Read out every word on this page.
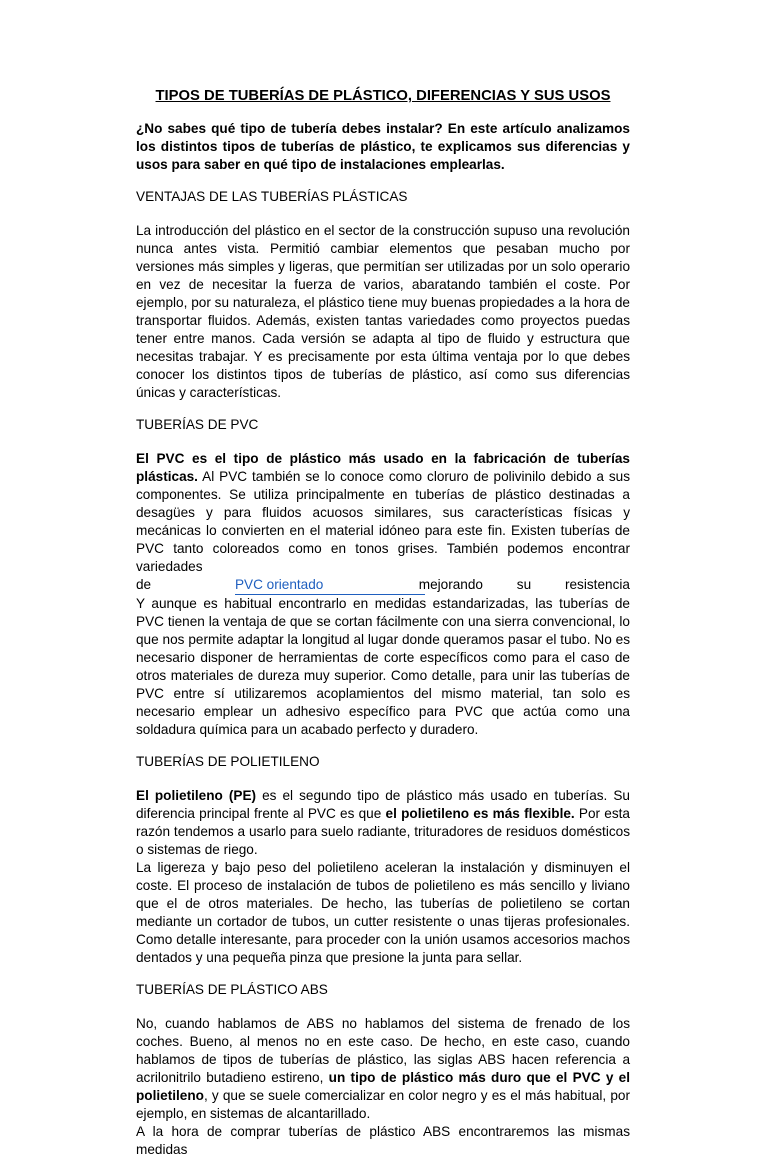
TIPOS DE TUBERÍAS DE PLÁSTICO, DIFERENCIAS Y SUS USOS
¿No sabes qué tipo de tubería debes instalar? En este artículo analizamos los distintos tipos de tuberías de plástico, te explicamos sus diferencias y usos para saber en qué tipo de instalaciones emplearlas.
VENTAJAS DE LAS TUBERÍAS PLÁSTICAS
La introducción del plástico en el sector de la construcción supuso una revolución nunca antes vista. Permitió cambiar elementos que pesaban mucho por versiones más simples y ligeras, que permitían ser utilizadas por un solo operario en vez de necesitar la fuerza de varios, abaratando también el coste. Por ejemplo, por su naturaleza, el plástico tiene muy buenas propiedades a la hora de transportar fluidos. Además, existen tantas variedades como proyectos puedas tener entre manos. Cada versión se adapta al tipo de fluido y estructura que necesitas trabajar. Y es precisamente por esta última ventaja por lo que debes conocer los distintos tipos de tuberías de plástico, así como sus diferencias únicas y características.
TUBERÍAS DE PVC
El PVC es el tipo de plástico más usado en la fabricación de tuberías plásticas. Al PVC también se lo conoce como cloruro de polivinilo debido a sus componentes. Se utiliza principalmente en tuberías de plástico destinadas a desagües y para fluidos acuosos similares, sus características físicas y mecánicas lo convierten en el material idóneo para este fin. Existen tuberías de PVC tanto coloreados como en tonos grises. También podemos encontrar variedades
de	PVC orientado	mejorando su resistencia
Y aunque es habitual encontrarlo en medidas estandarizadas, las tuberías de PVC tienen la ventaja de que se cortan fácilmente con una sierra convencional, lo que nos permite adaptar la longitud al lugar donde queramos pasar el tubo. No es necesario disponer de herramientas de corte específicos como para el caso de otros materiales de dureza muy superior. Como detalle, para unir las tuberías de PVC entre sí utilizaremos acoplamientos del mismo material, tan solo es necesario emplear un adhesivo específico para PVC que actúa como una soldadura química para un acabado perfecto y duradero.
TUBERÍAS DE POLIETILENO
El polietileno (PE) es el segundo tipo de plástico más usado en tuberías. Su diferencia principal frente al PVC es que el polietileno es más flexible. Por esta razón tendemos a usarlo para suelo radiante, trituradores de residuos domésticos o sistemas de riego.
La ligereza y bajo peso del polietileno aceleran la instalación y disminuyen el coste. El proceso de instalación de tubos de polietileno es más sencillo y liviano que el de otros materiales. De hecho, las tuberías de polietileno se cortan mediante un cortador de tubos, un cutter resistente o unas tijeras profesionales. Como detalle interesante, para proceder con la unión usamos accesorios machos dentados y una pequeña pinza que presione la junta para sellar.
TUBERÍAS DE PLÁSTICO ABS
No, cuando hablamos de ABS no hablamos del sistema de frenado de los coches. Bueno, al menos no en este caso. De hecho, en este caso, cuando hablamos de tipos de tuberías de plástico, las siglas ABS hacen referencia a acrilonitrilo butadieno estireno, un tipo de plástico más duro que el PVC y el polietileno, y que se suele comercializar en color negro y es el más habitual, por ejemplo, en sistemas de alcantarillado.
A la hora de comprar tuberías de plástico ABS encontraremos las mismas medidas
